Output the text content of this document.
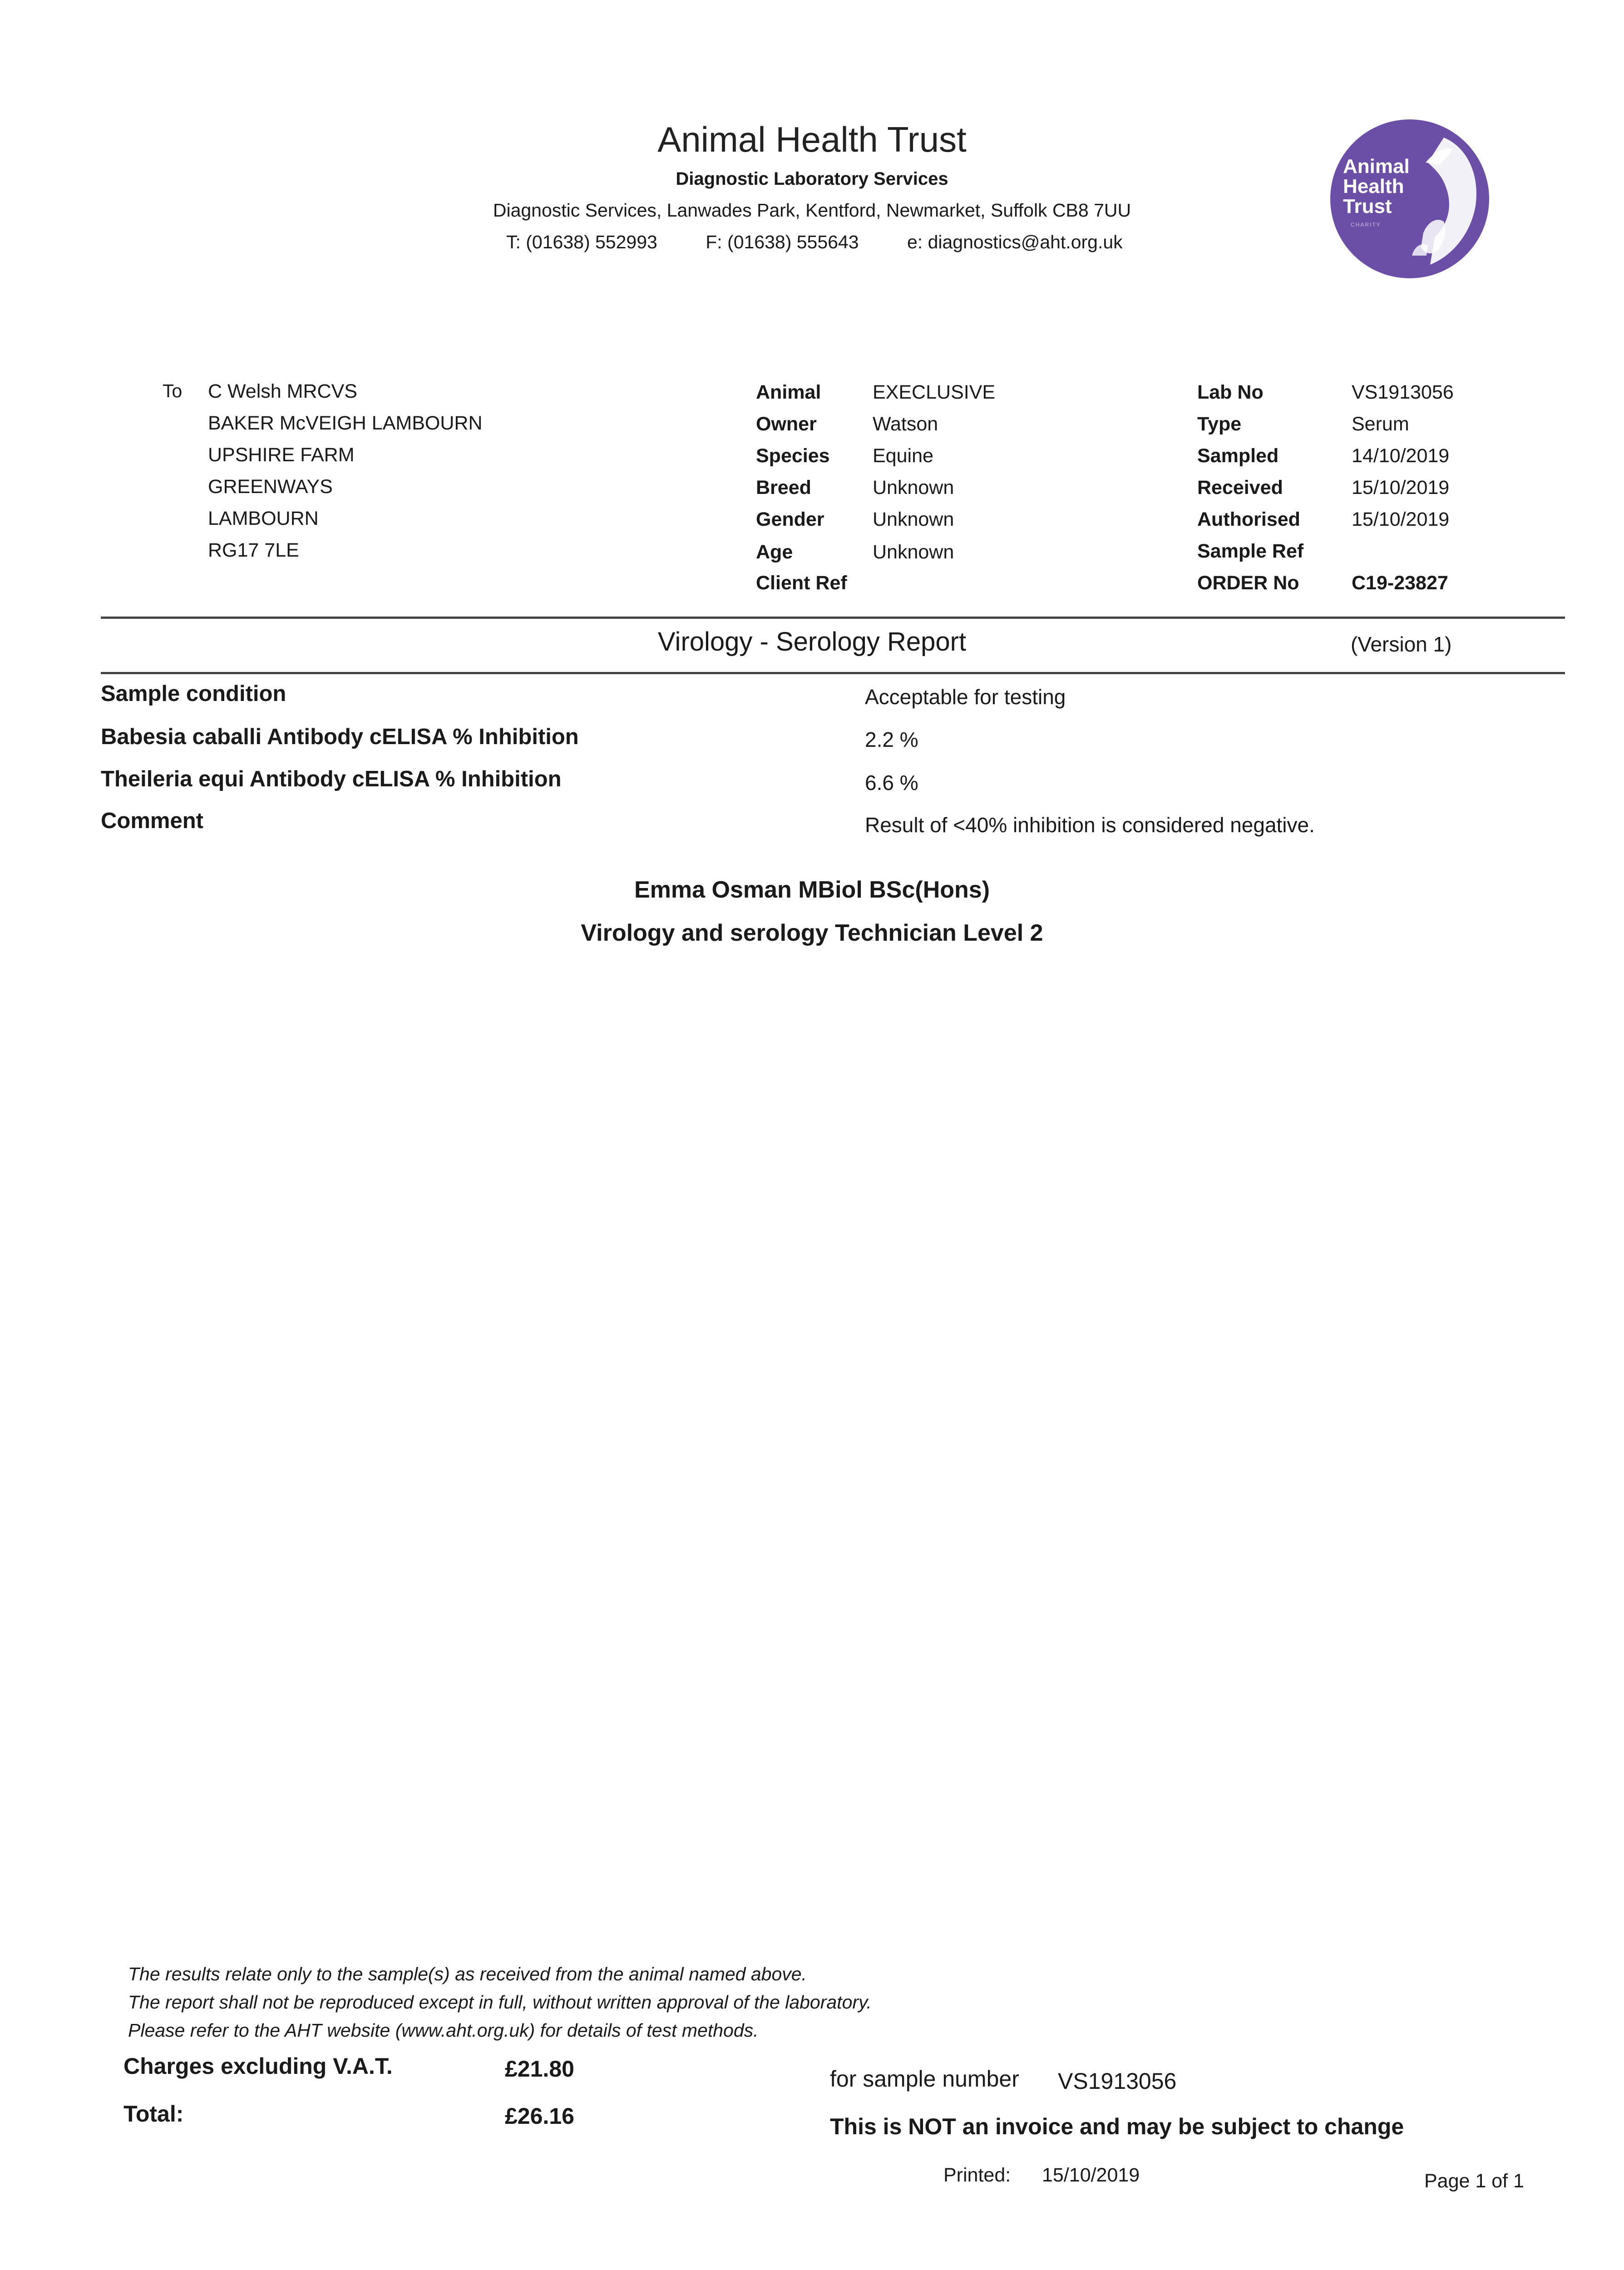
Animal Health Trust
Diagnostic Laboratory Services
Diagnostic Services, Lanwades Park, Kentford, Newmarket, Suffolk CB8 7UU
T: (01638) 552993	F: (01638) 555643	e: diagnostics@aht.org.uk
Animal
Health
Trust
CHARITY
To C Welsh MRCVS
BAKER McVEIGH LAMBOURN
UPSHIRE FARM
GREENWAYS
LAMBOURN
RG17 7LE
Animal	EXECLUSIVE
Owner	Watson
Species Equine
Breed	Unknown
Gender Unknown
Age	Unknown
Client Ref
Lab No	VS1913056
Type	Serum
Sampled	14/10/2019
Received	15/10/2019
Authorised	15/10/2019
Sample Ref
ORDER No	C19-23827
Virology - Serology Report	(Version 1)
Sample condition	Acceptable for testing
Babesia caballi Antibody cELISA % Inhibition	2.2 %
Theileria equi Antibody cELISA % Inhibition	6.6 %
Comment	Result of <40% inhibition is considered negative.
Emma Osman MBiol BSc(Hons)
Virology and serology Technician Level 2
The results relate only to the sample(s) as received from the animal named above.
The report shall not be reproduced except in full, without written approval of the laboratory.
Please refer to the AHT website (www.aht.org.uk) for details of test methods.
Charges excluding V.A.T.	£21.80
Total:	£26.16
for sample number VS1913056
This is NOT an invoice and may be subject to change
Printed: 15/10/2019	Page 1 of 1
